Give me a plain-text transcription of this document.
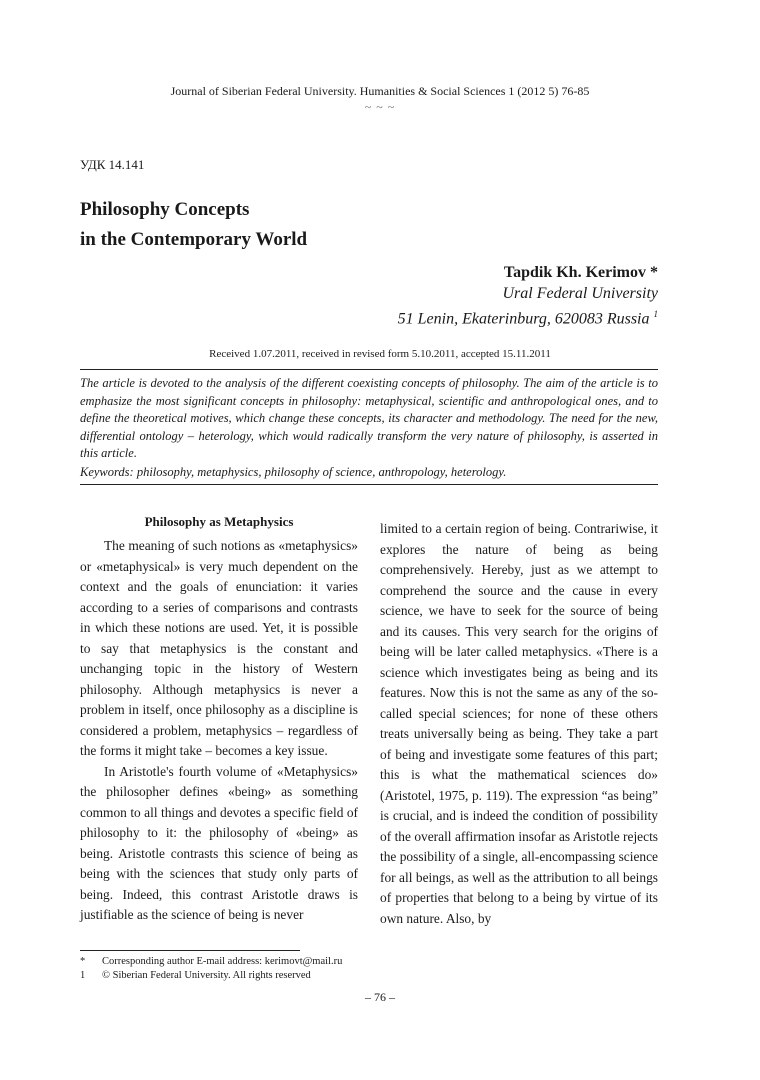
Journal of Siberian Federal University. Humanities & Social Sciences 1 (2012 5) 76-85
~ ~ ~
УДК 14.141
Philosophy Concepts
in the Contemporary World
Tapdik Kh. Kerimov *
Ural Federal University
51 Lenin, Ekaterinburg, 620083 Russia $^1$
Received 1.07.2011, received in revised form 5.10.2011, accepted 15.11.2011
The article is devoted to the analysis of the different coexisting concepts of philosophy. The aim of the article is to emphasize the most significant concepts in philosophy: metaphysical, scientific and anthropological ones, and to define the theoretical motives, which change these concepts, its character and methodology. The need for the new, differential ontology – heterology, which would radically transform the very nature of philosophy, is asserted in this article.
Keywords: philosophy, metaphysics, philosophy of science, anthropology, heterology.
Philosophy as Metaphysics

The meaning of such notions as «metaphysics» or «metaphysical» is very much dependent on the context and the goals of enunciation: it varies according to a series of comparisons and contrasts in which these notions are used. Yet, it is possible to say that metaphysics is the constant and unchanging topic in the history of Western philosophy. Although metaphysics is never a problem in itself, once philosophy as a discipline is considered a problem, metaphysics – regardless of the forms it might take – becomes a key issue.

In Aristotle's fourth volume of «Metaphysics» the philosopher defines «being» as something common to all things and devotes a specific field of philosophy to it: the philosophy of «being» as being. Aristotle contrasts this science of being as being with the sciences that study only parts of being. Indeed, this contrast Aristotle draws is justifiable as the science of being is never

limited to a certain region of being. Contrariwise, it explores the nature of being as being comprehensively. Hereby, just as we attempt to comprehend the source and the cause in every science, we have to seek for the source of being and its causes. This very search for the origins of being will be later called metaphysics. «There is a science which investigates being as being and its features. Now this is not the same as any of the so-called special sciences; for none of these others treats universally being as being. They take a part of being and investigate some features of this part; this is what the mathematical sciences do» (Aristotel, 1975, p. 119). The expression “as being” is crucial, and is indeed the condition of possibility of the overall affirmation insofar as Aristotle rejects the possibility of a single, all-encompassing science for all beings, as well as the attribution to all beings of properties that belong to a being by virtue of its own nature. Also, by

* Corresponding author E-mail address: kerimovt@mail.ru
1 © Siberian Federal University. All rights reserved
– 76 –
